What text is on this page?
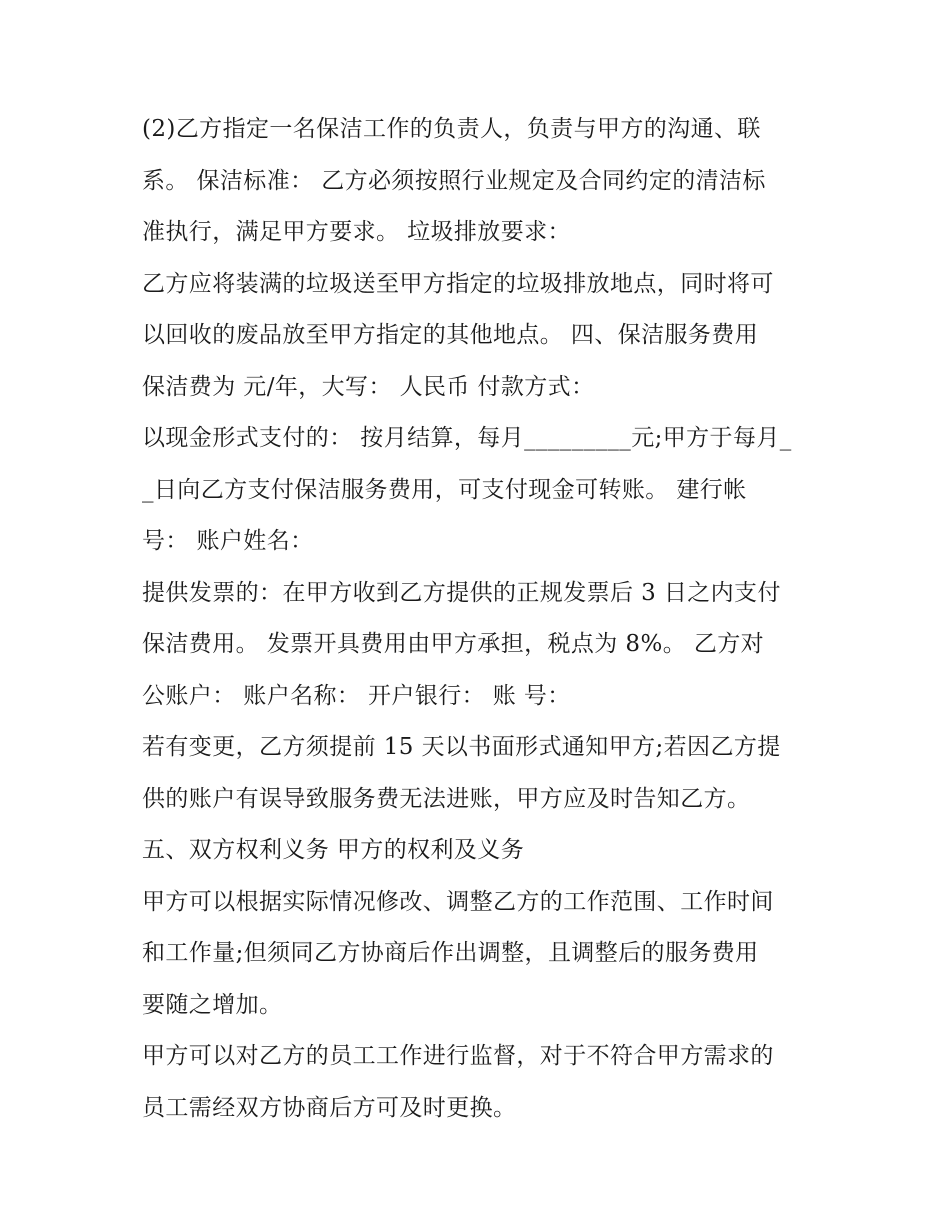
(2)乙方指定一名保洁工作的负责人，负责与甲方的沟通、联
系。 保洁标准： 乙方必须按照行业规定及合同约定的清洁标
准执行，满足甲方要求。 垃圾排放要求：
乙方应将装满的垃圾送至甲方指定的垃圾排放地点，同时将可
以回收的废品放至甲方指定的其他地点。 四、保洁服务费用
保洁费为 元/年，大写： 人民币 付款方式：
以现金形式支付的： 按月结算，每月_________元;甲方于每月_
_日向乙方支付保洁服务费用，可支付现金可转账。 建行帐
号： 账户姓名：
提供发票的：在甲方收到乙方提供的正规发票后 3 日之内支付
保洁费用。 发票开具费用由甲方承担，税点为 8%。 乙方对
公账户： 账户名称： 开户银行： 账 号：
若有变更，乙方须提前 15 天以书面形式通知甲方;若因乙方提
供的账户有误导致服务费无法进账，甲方应及时告知乙方。
五、双方权利义务 甲方的权利及义务
甲方可以根据实际情况修改、调整乙方的工作范围、工作时间
和工作量;但须同乙方协商后作出调整，且调整后的服务费用
要随之增加。
甲方可以对乙方的员工工作进行监督，对于不符合甲方需求的
员工需经双方协商后方可及时更换。
